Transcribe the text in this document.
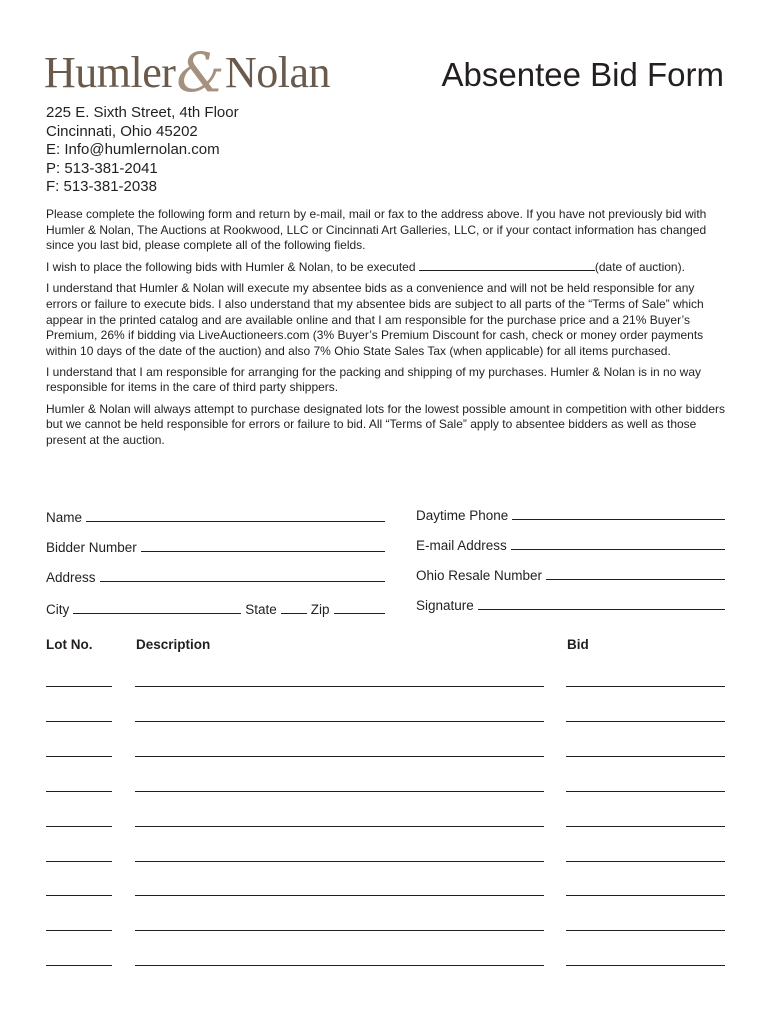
Humler&Nolan	Absentee Bid Form
225 E. Sixth Street, 4th Floor
Cincinnati, Ohio 45202
E: Info@humlernolan.com
P: 513-381-2041
F: 513-381-2038

Please complete the following form and return by e-mail, mail or fax to the address above. If you have not previously bid with Humler & Nolan, The Auctions at Rookwood, LLC or Cincinnati Art Galleries, LLC, or if your contact information has changed since you last bid, please complete all of the following fields.

I wish to place the following bids with Humler & Nolan, to be executed	(date of auction).

I understand that Humler & Nolan will execute my absentee bids as a convenience and will not be held responsible for any errors or failure to execute bids. I also understand that my absentee bids are subject to all parts of the “Terms of Sale” which appear in the printed catalog and are available online and that I am responsible for the purchase price and a 21% Buyer’s Premium, 26% if bidding via LiveAuctioneers.com (3% Buyer’s Premium Discount for cash, check or money order payments within 10 days of the date of the auction) and also 7% Ohio State Sales Tax (when applicable) for all items purchased.

I understand that I am responsible for arranging for the packing and shipping of my purchases. Humler & Nolan is in no way responsible for items in the care of third party shippers.

Humler & Nolan will always attempt to purchase designated lots for the lowest possible amount in competition with other bidders but we cannot be held responsible for errors or failure to bid. All “Terms of Sale” apply to absentee bidders as well as those present at the auction.

Name
Bidder Number
Address
City	State	Zip
Daytime Phone
E-mail Address
Ohio Resale Number
Signature
Lot No.	Description	Bid
